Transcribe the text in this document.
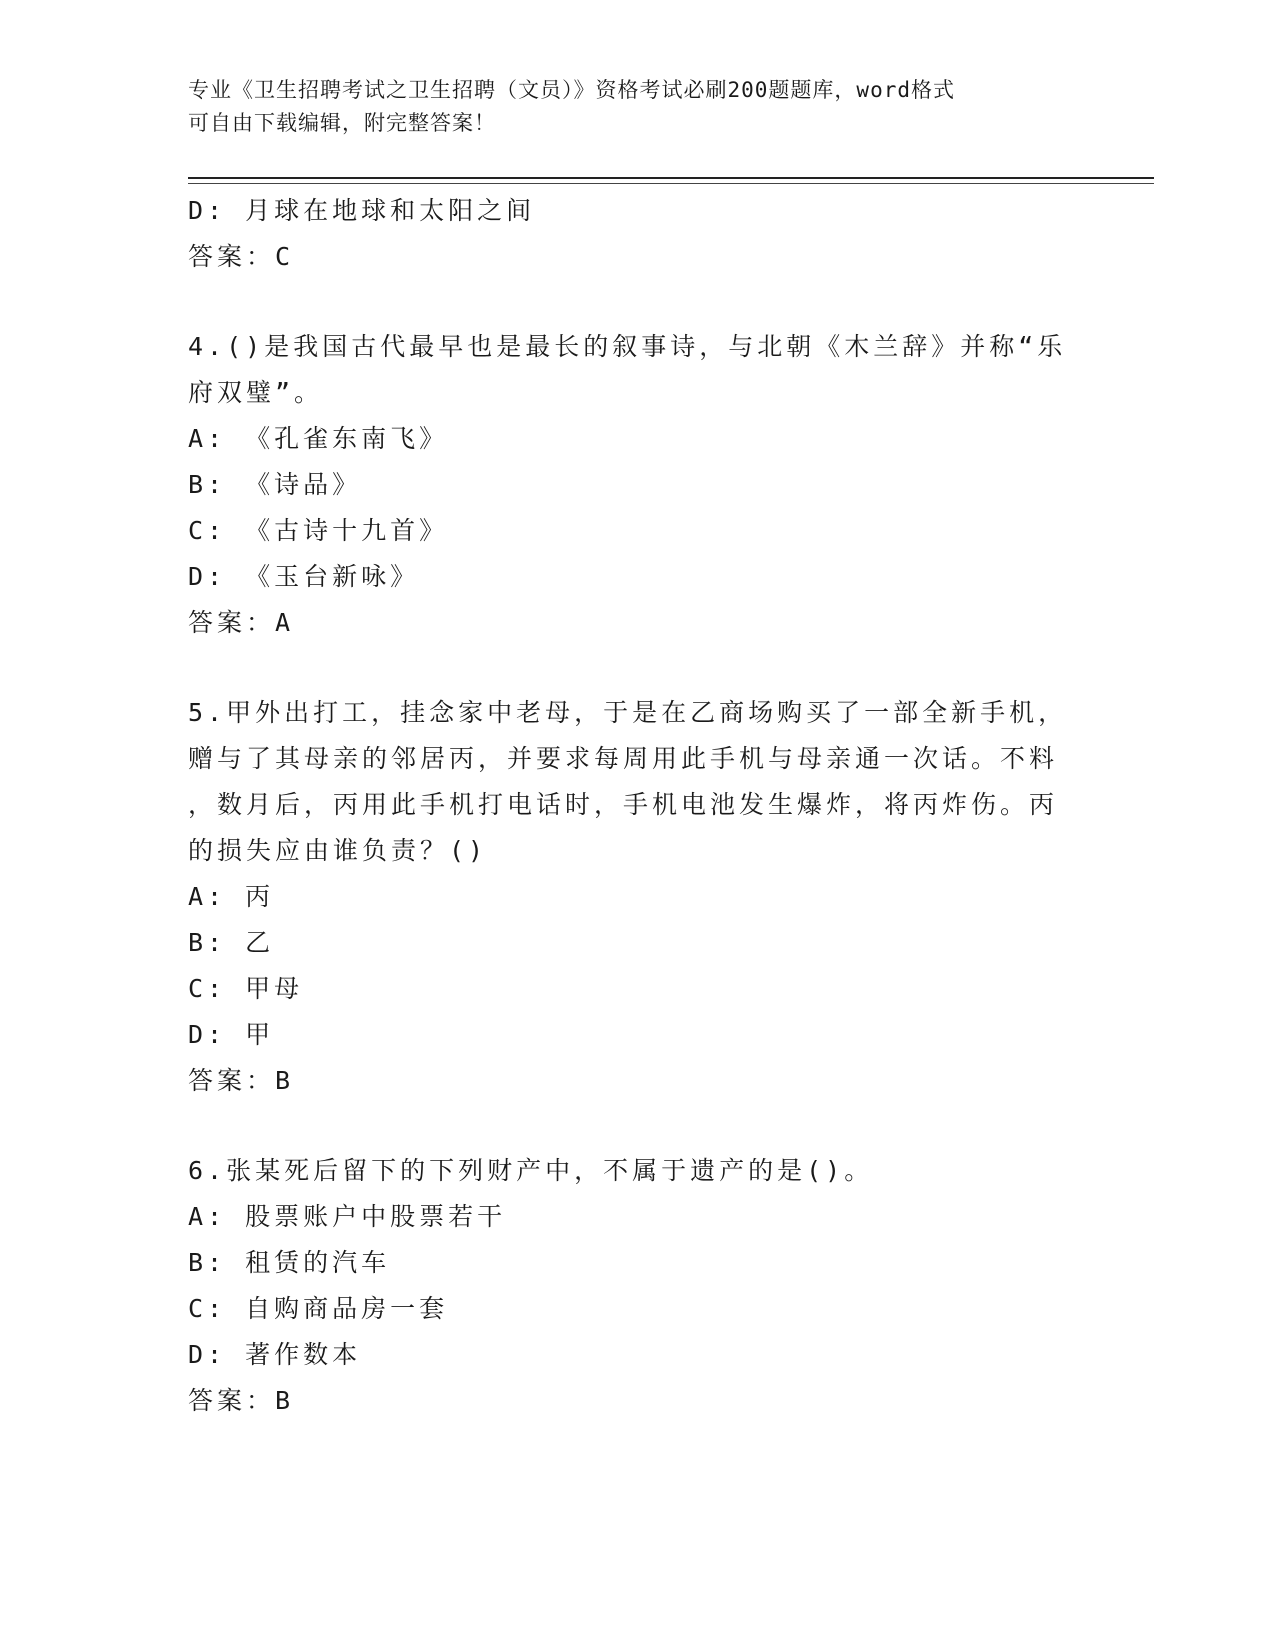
专业《卫生招聘考试之卫生招聘（文员）》资格考试必刷200题题库，word格式
可自由下载编辑，附完整答案！
D: 月球在地球和太阳之间
答案：C
4.()是我国古代最早也是最长的叙事诗，与北朝《木兰辞》并称“乐
府双璧”。
A: 《孔雀东南飞》
B: 《诗品》
C: 《古诗十九首》
D: 《玉台新咏》
答案：A
5.甲外出打工，挂念家中老母，于是在乙商场购买了一部全新手机，
赠与了其母亲的邻居丙，并要求每周用此手机与母亲通一次话。不料
，数月后，丙用此手机打电话时，手机电池发生爆炸，将丙炸伤。丙
的损失应由谁负责？()
A: 丙
B: 乙
C: 甲母
D: 甲
答案：B
6.张某死后留下的下列财产中，不属于遗产的是()。
A: 股票账户中股票若干
B: 租赁的汽车
C: 自购商品房一套
D: 著作数本
答案：B
